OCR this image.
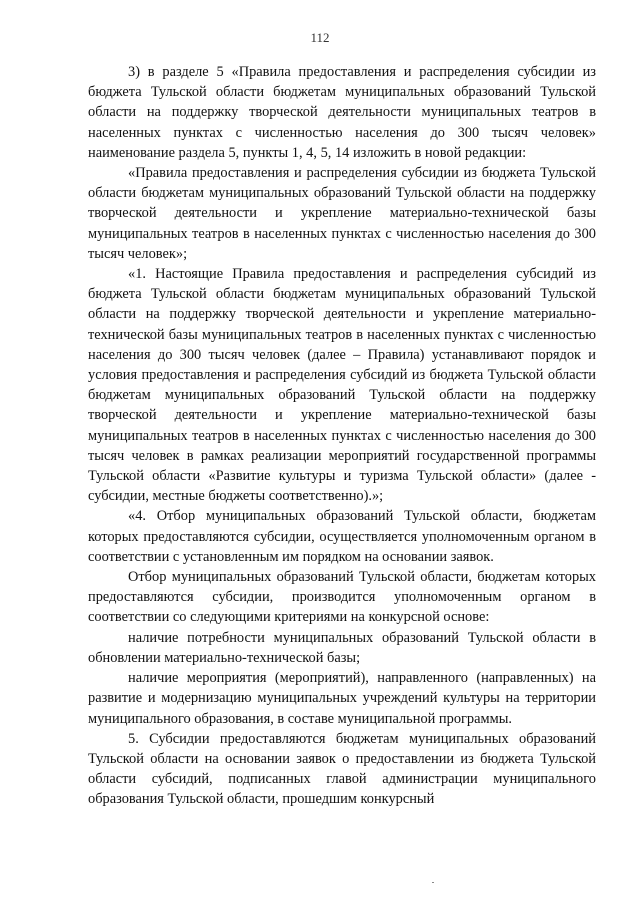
112

3) в разделе 5 «Правила предоставления и распределения субсидии из бюджета Тульской области бюджетам муниципальных образований Тульской области на поддержку творческой деятельности муниципальных театров в населенных пунктах с численностью населения до 300 тысяч человек» наименование раздела 5, пункты 1, 4, 5, 14 изложить в новой редакции:

«Правила предоставления и распределения субсидии из бюджета Тульской области бюджетам муниципальных образований Тульской области на поддержку творческой деятельности и укрепление материально-технической базы муниципальных театров в населенных пунктах с численностью населения до 300 тысяч человек»;

«1. Настоящие Правила предоставления и распределения субсидий из бюджета Тульской области бюджетам муниципальных образований Тульской области на поддержку творческой деятельности и укрепление материально-технической базы муниципальных театров в населенных пунктах с численностью населения до 300 тысяч человек (далее – Правила) устанавливают порядок и условия предоставления и распределения субсидий из бюджета Тульской области бюджетам муниципальных образований Тульской области на поддержку творческой деятельности и укрепление материально-технической базы муниципальных театров в населенных пунктах с численностью населения до 300 тысяч человек в рамках реализации мероприятий государственной программы Тульской области «Развитие культуры и туризма Тульской области» (далее - субсидии, местные бюджеты соответственно).»;

«4. Отбор муниципальных образований Тульской области, бюджетам которых предоставляются субсидии, осуществляется уполномоченным органом в соответствии с установленным им порядком на основании заявок.

Отбор муниципальных образований Тульской области, бюджетам которых предоставляются субсидии, производится уполномоченным органом в соответствии со следующими критериями на конкурсной основе:

наличие потребности муниципальных образований Тульской области в обновлении материально-технической базы;

наличие мероприятия (мероприятий), направленного (направленных) на развитие и модернизацию муниципальных учреждений культуры на территории муниципального образования, в составе муниципальной программы.

5. Субсидии предоставляются бюджетам муниципальных образований Тульской области на основании заявок о предоставлении из бюджета Тульской области субсидий, подписанных главой администрации муниципального образования Тульской области, прошедшим конкурсный
